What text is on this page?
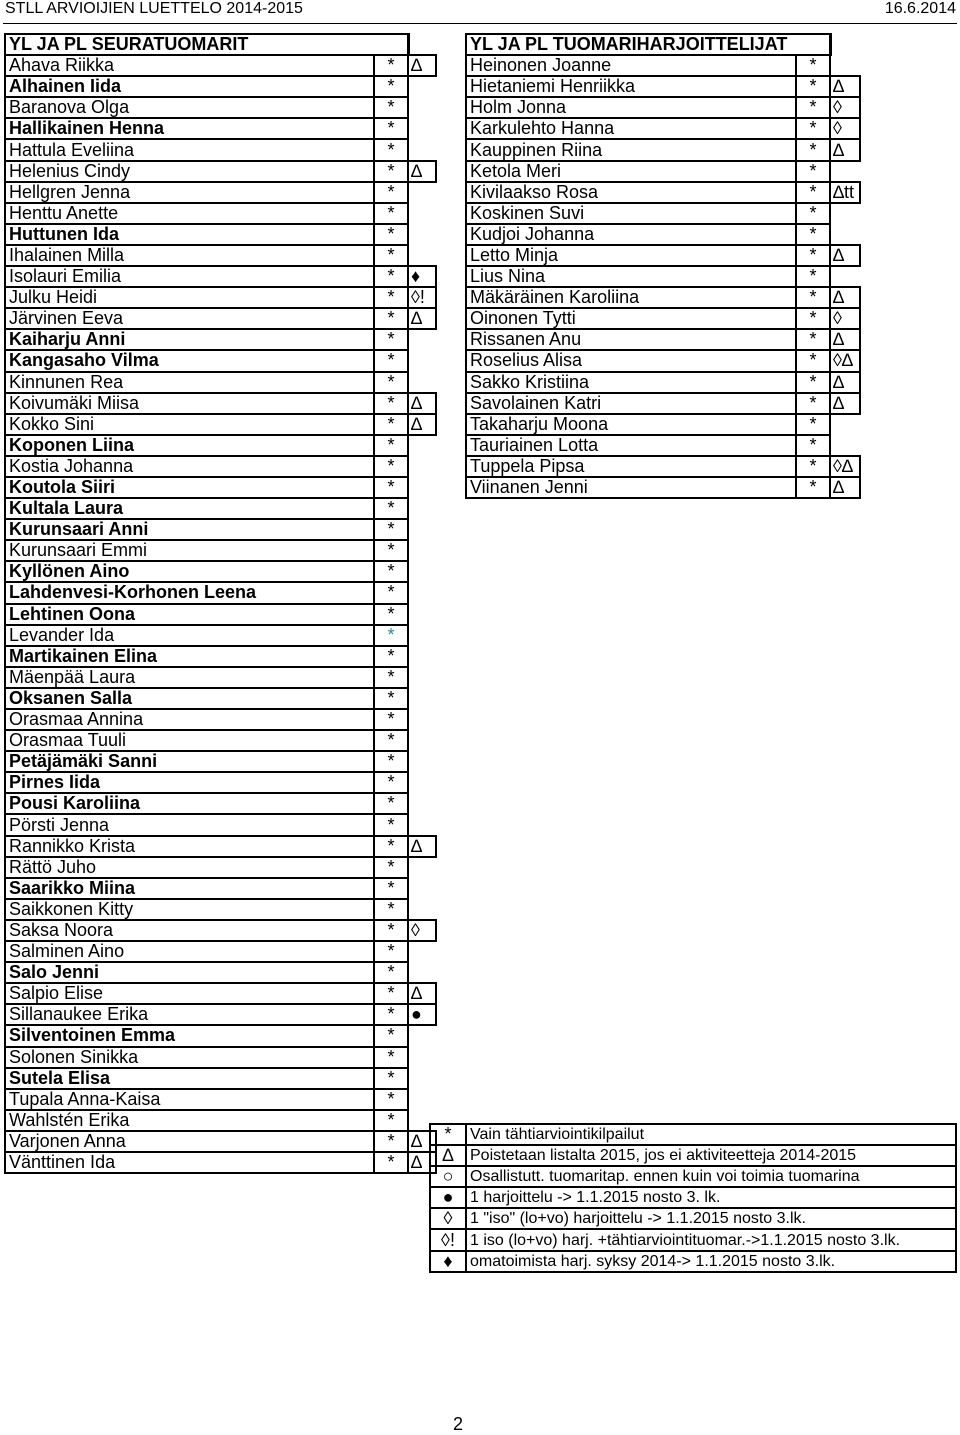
STLL ARVIOIJIEN LUETTELO 2014-2015	16.6.2014
YL JA PL SEURATUOMARIT		
Ahava Riikka	*	∆
Alhainen Iida	*	
Baranova Olga	*	
Hallikainen Henna	*	
Hattula Eveliina	*	
Helenius Cindy	*	∆
Hellgren Jenna	*	
Henttu Anette	*	
Huttunen Ida	*	
Ihalainen Milla	*	
Isolauri Emilia	*	♦
Julku Heidi	*	◊!
Järvinen Eeva	*	∆
Kaiharju Anni	*	
Kangasaho Vilma	*	
Kinnunen Rea	*	
Koivumäki Miisa	*	∆
Kokko Sini	*	∆
Koponen Liina	*	
Kostia Johanna	*	
Koutola Siiri	*	
Kultala Laura	*	
Kurunsaari Anni	*	
Kurunsaari Emmi	*	
Kyllönen Aino	*	
Lahdenvesi-Korhonen Leena	*	
Lehtinen Oona	*	
Levander Ida	*	
Martikainen Elina	*	
Mäenpää Laura	*	
Oksanen Salla	*	
Orasmaa Annina	*	
Orasmaa Tuuli	*	
Petäjämäki Sanni	*	
Pirnes Iida	*	
Pousi Karoliina	*	
Pörsti Jenna	*	
Rannikko Krista	*	∆
Rättö Juho	*	
Saarikko Miina	*	
Saikkonen Kitty	*	
Saksa Noora	*	◊
Salminen Aino	*	
Salo Jenni	*	
Salpio Elise	*	∆
Sillanaukee Erika	*	●
Silventoinen Emma	*	
Solonen Sinikka	*	
Sutela Elisa	*	
Tupala Anna-Kaisa	*	
Wahlstén Erika	*	
Varjonen Anna	*	∆
Vänttinen Ida	*	∆
YL JA PL TUOMARIHARJOITTELIJAT		
Heinonen Joanne	*	
Hietaniemi Henriikka	*	∆
Holm Jonna	*	◊
Karkulehto Hanna	*	◊
Kauppinen Riina	*	∆
Ketola Meri	*	
Kivilaakso Rosa	*	∆tt
Koskinen Suvi	*	
Kudjoi Johanna	*	
Letto Minja	*	∆
Lius Nina	*	
Mäkäräinen Karoliina	*	∆
Oinonen Tytti	*	◊
Rissanen Anu	*	∆
Roselius Alisa	*	◊∆
Sakko Kristiina	*	∆
Savolainen Katri	*	∆
Takaharju Moona	*	
Tauriainen Lotta	*	
Tuppela Pipsa	*	◊∆
Viinanen Jenni	*	∆
*	Vain tähtiarviointikilpailut
∆	Poistetaan listalta 2015, jos ei aktiviteetteja 2014-2015
○	Osallistutt. tuomaritap. ennen kuin voi toimia tuomarina
●	1 harjoittelu -> 1.1.2015 nosto 3. lk.
◊	1 "iso" (lo+vo) harjoittelu -> 1.1.2015 nosto 3.lk.
◊!	1 iso (lo+vo) harj. +tähtiarviointituomar.->1.1.2015 nosto 3.lk.
♦	omatoimista harj. syksy 2014-> 1.1.2015 nosto 3.lk.
2
